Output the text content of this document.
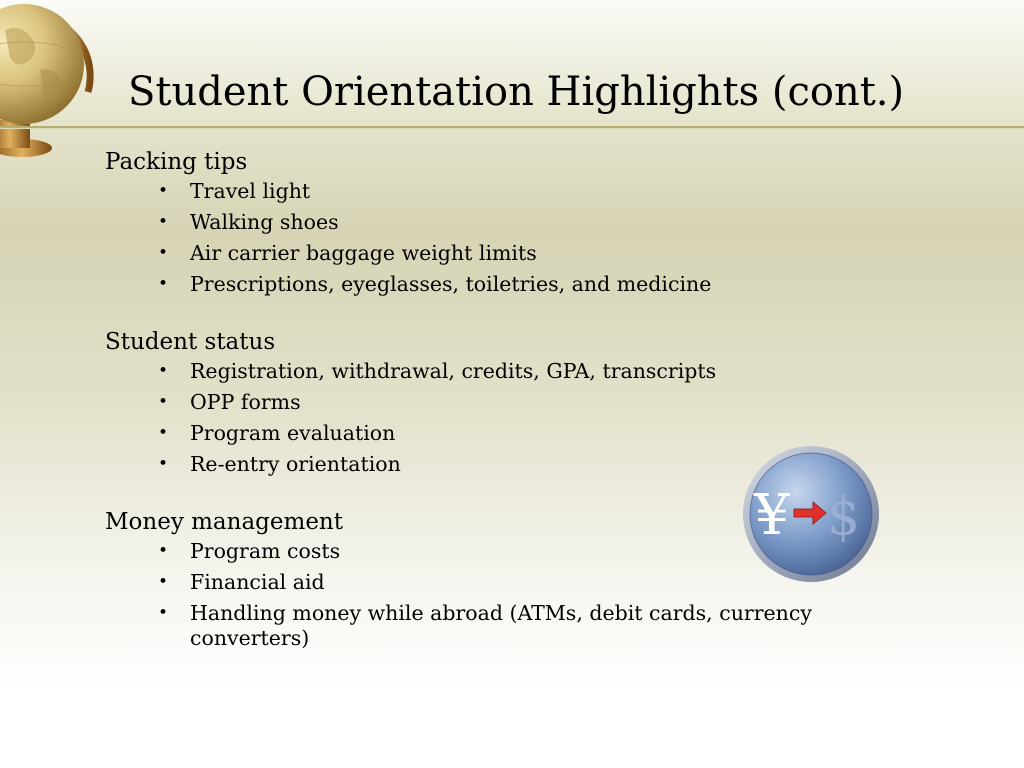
Student Orientation Highlights (cont.)
Packing tips
• Travel light
• Walking shoes
• Air carrier baggage weight limits
• Prescriptions, eyeglasses, toiletries, and medicine
Student status
• Registration, withdrawal, credits, GPA, transcripts
• OPP forms
• Program evaluation
• Re-entry orientation
Money management
• Program costs
• Financial aid
• Handling money while abroad (ATMs, debit cards, currency converters)
¥ $
